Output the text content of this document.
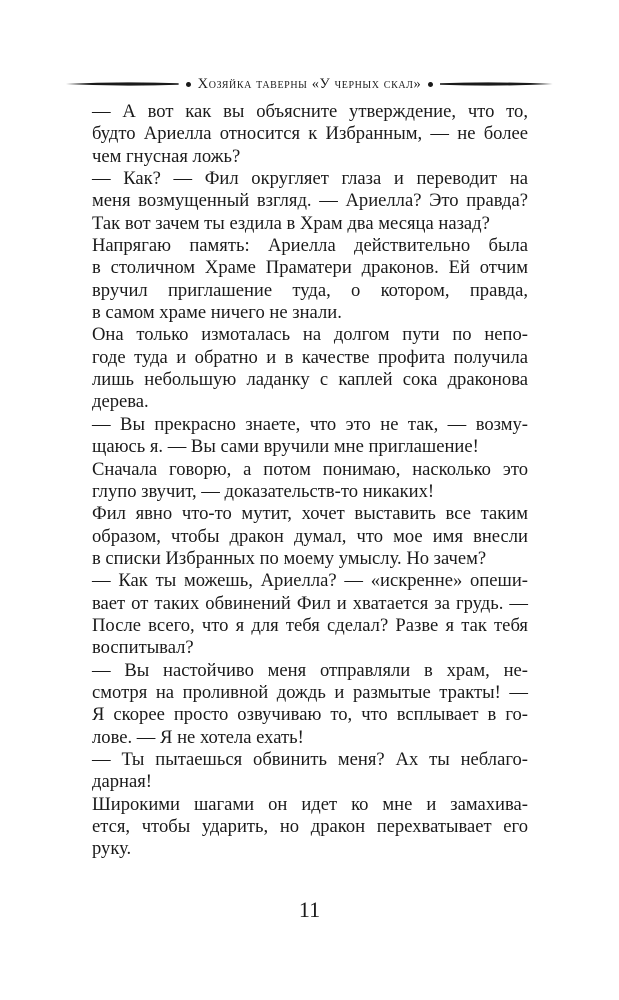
Хозяйка таверны «У черных скал»

— А вот как вы объясните утверждение, что то,
будто Ариелла относится к Избранным, — не более
чем гнусная ложь?

— Как? — Фил округляет глаза и переводит на
меня возмущенный взгляд. — Ариелла? Это правда?
Так вот зачем ты ездила в Храм два месяца назад?

Напрягаю память: Ариелла действительно была
в столичном Храме Праматери драконов. Ей отчим
вручил приглашение туда, о котором, правда,
в самом храме ничего не знали.

Она только измоталась на долгом пути по непо-
годе туда и обратно и в качестве профита получила
лишь небольшую ладанку с каплей сока драконова
дерева.

— Вы прекрасно знаете, что это не так, — возму-
щаюсь я. — Вы сами вручили мне приглашение!

Сначала говорю, а потом понимаю, насколько это
глупо звучит, — доказательств-то никаких!

Фил явно что-то мутит, хочет выставить все таким
образом, чтобы дракон думал, что мое имя внесли
в списки Избранных по моему умыслу. Но зачем?

— Как ты можешь, Ариелла? — «искренне» опеши-
вает от таких обвинений Фил и хватается за грудь. —
После всего, что я для тебя сделал? Разве я так тебя
воспитывал?

— Вы настойчиво меня отправляли в храм, не-
смотря на проливной дождь и размытые тракты! —
Я скорее просто озвучиваю то, что всплывает в го-
лове. — Я не хотела ехать!

— Ты пытаешься обвинить меня? Ах ты неблаго-
дарная!

Широкими шагами он идет ко мне и замахива-
ется, чтобы ударить, но дракон перехватывает его
руку.

11
